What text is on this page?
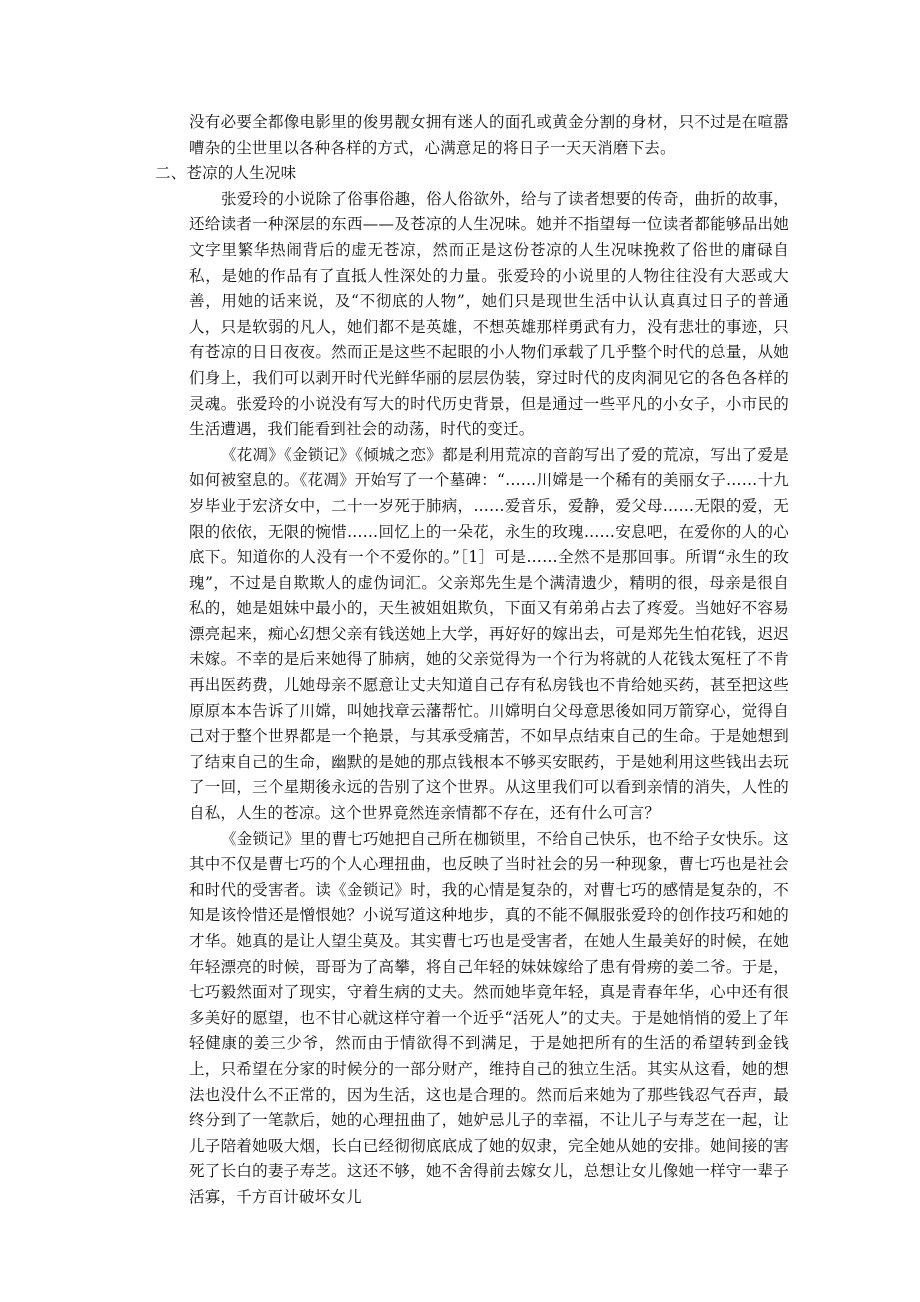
没有必要全都像电影里的俊男靓女拥有迷人的面孔或黄金分割的身材，只不过是在喧嚣嘈杂的尘世里以各种各样的方式，心满意足的将日子一天天消磨下去。

二、苍凉的人生况味

张爱玲的小说除了俗事俗趣，俗人俗欲外，给与了读者想要的传奇，曲折的故事，还给读者一种深层的东西——及苍凉的人生况味。她并不指望每一位读者都能够品出她文字里繁华热闹背后的虚无苍凉，然而正是这份苍凉的人生况味挽救了俗世的庸碌自私，是她的作品有了直抵人性深处的力量。张爱玲的小说里的人物往往没有大恶或大善，用她的话来说，及“不彻底的人物”，她们只是现世生活中认认真真过日子的普通人，只是软弱的凡人，她们都不是英雄，不想英雄那样勇武有力，没有悲壮的事迹，只有苍凉的日日夜夜。然而正是这些不起眼的小人物们承载了几乎整个时代的总量，从她们身上，我们可以剥开时代光鲜华丽的层层伪装，穿过时代的皮肉洞见它的各色各样的灵魂。张爱玲的小说没有写大的时代历史背景，但是通过一些平凡的小女子，小市民的生活遭遇，我们能看到社会的动荡，时代的变迁。

《花凋》《金锁记》《倾城之恋》都是利用荒凉的音韵写出了爱的荒凉，写出了爱是如何被窒息的。《花凋》开始写了一个墓碑：“……川嫦是一个稀有的美丽女子……十九岁毕业于宏济女中，二十一岁死于肺病，……爱音乐，爱静，爱父母……无限的爱，无限的依依，无限的惋惜……回忆上的一朵花，永生的玫瑰……安息吧，在爱你的人的心底下。知道你的人没有一个不爱你的。”［1］可是……全然不是那回事。所谓“永生的玫瑰”，不过是自欺欺人的虚伪词汇。父亲郑先生是个满清遗少，精明的很，母亲是很自私的，她是姐妹中最小的，天生被姐姐欺负，下面又有弟弟占去了疼爱。当她好不容易漂亮起来，痴心幻想父亲有钱送她上大学，再好好的嫁出去，可是郑先生怕花钱，迟迟未嫁。不幸的是后来她得了肺病，她的父亲觉得为一个行为将就的人花钱太冤枉了不肯再出医药费，儿她母亲不愿意让丈夫知道自己存有私房钱也不肯给她买药，甚至把这些原原本本告诉了川嫦，叫她找章云藩帮忙。川嫦明白父母意思後如同万箭穿心，觉得自己对于整个世界都是一个艳景，与其承受痛苦，不如早点结束自己的生命。于是她想到了结束自己的生命，幽默的是她的那点钱根本不够买安眠药，于是她利用这些钱出去玩了一回，三个星期後永远的告别了这个世界。从这里我们可以看到亲情的消失，人性的自私，人生的苍凉。这个世界竟然连亲情都不存在，还有什么可言？

《金锁记》里的曹七巧她把自己所在枷锁里，不给自己快乐，也不给子女快乐。这其中不仅是曹七巧的个人心理扭曲，也反映了当时社会的另一种现象，曹七巧也是社会和时代的受害者。读《金锁记》时，我的心情是复杂的，对曹七巧的感情是复杂的，不知是该怜惜还是憎恨她？小说写道这种地步，真的不能不佩服张爱玲的创作技巧和她的才华。她真的是让人望尘莫及。其实曹七巧也是受害者，在她人生最美好的时候，在她年轻漂亮的时候，哥哥为了高攀，将自己年轻的妹妹嫁给了患有骨痨的姜二爷。于是，七巧毅然面对了现实，守着生病的丈夫。然而她毕竟年轻，真是青春年华，心中还有很多美好的愿望，也不甘心就这样守着一个近乎“活死人”的丈夫。于是她悄悄的爱上了年轻健康的姜三少爷，然而由于情欲得不到满足，于是她把所有的生活的希望转到金钱上，只希望在分家的时候分的一部分财产，维持自己的独立生活。其实从这看，她的想法也没什么不正常的，因为生活，这也是合理的。然而后来她为了那些钱忍气吞声，最终分到了一笔款后，她的心理扭曲了，她妒忌儿子的幸福，不让儿子与寿芝在一起，让儿子陪着她吸大烟，长白已经彻彻底底成了她的奴隶，完全她从她的安排。她间接的害死了长白的妻子寿芝。这还不够，她不舍得前去嫁女儿，总想让女儿像她一样守一辈子活寡，千方百计破坏女儿
